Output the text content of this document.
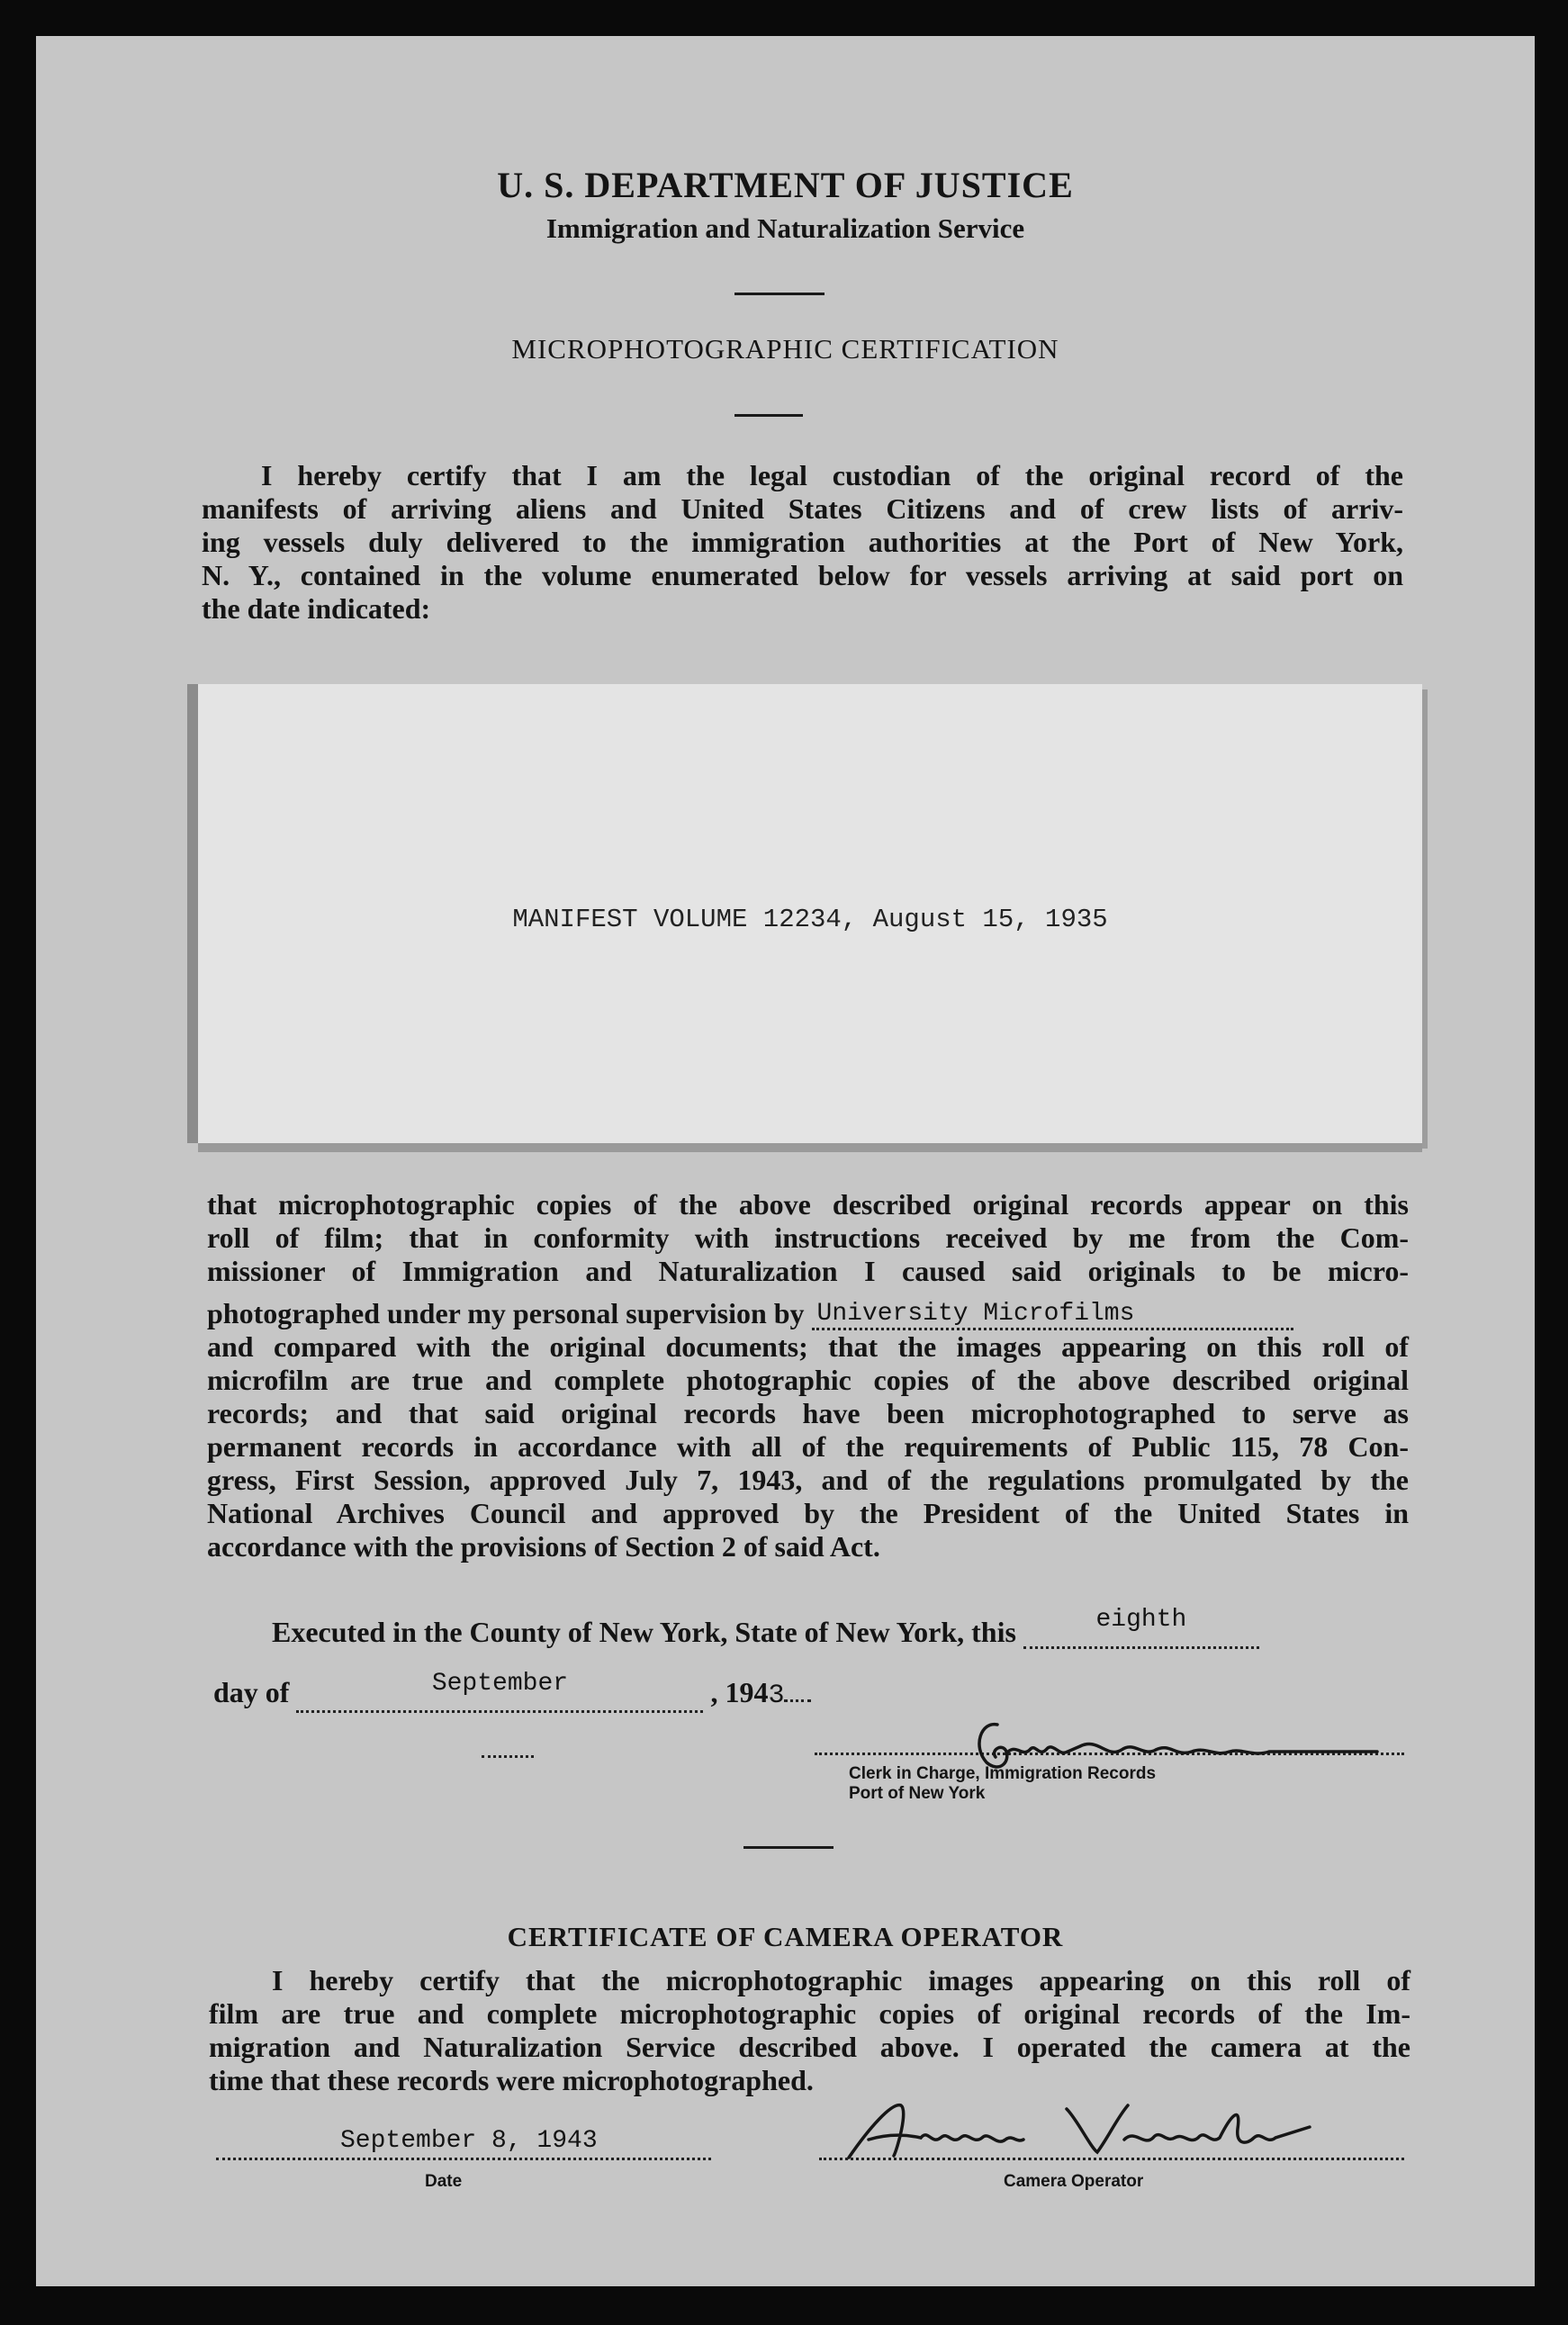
U. S. DEPARTMENT OF JUSTICE
Immigration and Naturalization Service
MICROPHOTOGRAPHIC CERTIFICATION
I hereby certify that I am the legal custodian of the original record of the
manifests of arriving aliens and United States Citizens and of crew lists of arriv-
ing vessels duly delivered to the immigration authorities at the Port of New York,
N. Y., contained in the volume enumerated below for vessels arriving at said port on
the date indicated:
MANIFEST VOLUME 12234, August 15, 1935
that microphotographic copies of the above described original records appear on this
roll of film; that in conformity with instructions received by me from the Com-
missioner of Immigration and Naturalization I caused said originals to be micro-
photographed under my personal supervision by University Microfilms
and compared with the original documents; that the images appearing on this roll of
microfilm are true and complete photographic copies of the above described original
records; and that said original records have been microphotographed to serve as
permanent records in accordance with all of the requirements of Public 115, 78 Con-
gress, First Session, approved July 7, 1943, and of the regulations promulgated by the
National Archives Council and approved by the President of the United States in
accordance with the provisions of Section 2 of said Act.
Executed in the County of New York, State of New York, this	eighth
day of	September	, 1943
Clerk in Charge, Immigration Records
Port of New York
CERTIFICATE OF CAMERA OPERATOR
I hereby certify that the microphotographic images appearing on this roll of
film are true and complete microphotographic copies of original records of the Im-
migration and Naturalization Service described above. I operated the camera at the
time that these records were microphotographed.
September 8, 1943
Date	Camera Operator
